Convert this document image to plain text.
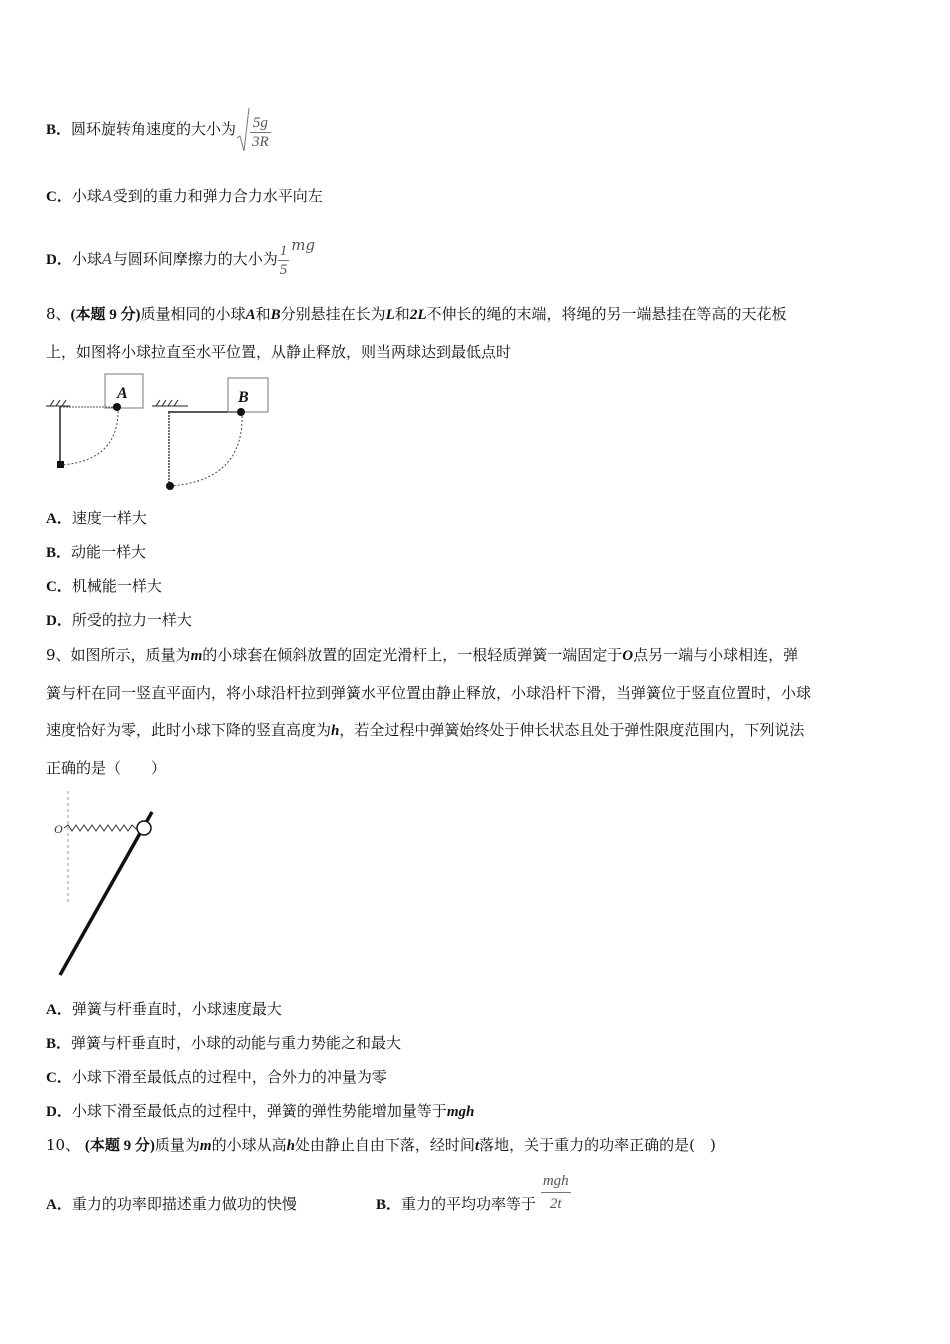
B．圆环旋转角速度的大小为 $\frac{5g}{3R}$
C．小球A受到的重力和弹力合力水平向左
D．小球A与圆环间摩擦力的大小为 $\frac{1}{5}$ mg
8、(本题 9 分)质量相同的小球A和B分别悬挂在长为L和2L不伸长的绳的末端，将绳的另一端悬挂在等高的天花板
上，如图将小球拉直至水平位置，从静止释放，则当两球达到最低点时
A	B
A．速度一样大
B．动能一样大
C．机械能一样大
D．所受的拉力一样大
9、如图所示，质量为m的小球套在倾斜放置的固定光滑杆上，一根轻质弹簧一端固定于O点另一端与小球相连，弹
簧与杆在同一竖直平面内，将小球沿杆拉到弹簧水平位置由静止释放，小球沿杆下滑，当弹簧位于竖直位置时，小球
速度恰好为零，此时小球下降的竖直高度为h，若全过程中弹簧始终处于伸长状态且处于弹性限度范围内，下列说法
正确的是（　　）
O
A．弹簧与杆垂直时，小球速度最大
B．弹簧与杆垂直时，小球的动能与重力势能之和最大
C．小球下滑至最低点的过程中，合外力的冲量为零
D．小球下滑至最低点的过程中，弹簧的弹性势能增加量等于mgh
10、 (本题 9 分)质量为m的小球从高h处由静止自由下落，经时间t落地，关于重力的功率正确的是(　)
A．重力的功率即描述重力做功的快慢	B．重力的平均功率等于 $\frac{\text{mgh}}{2t}$
